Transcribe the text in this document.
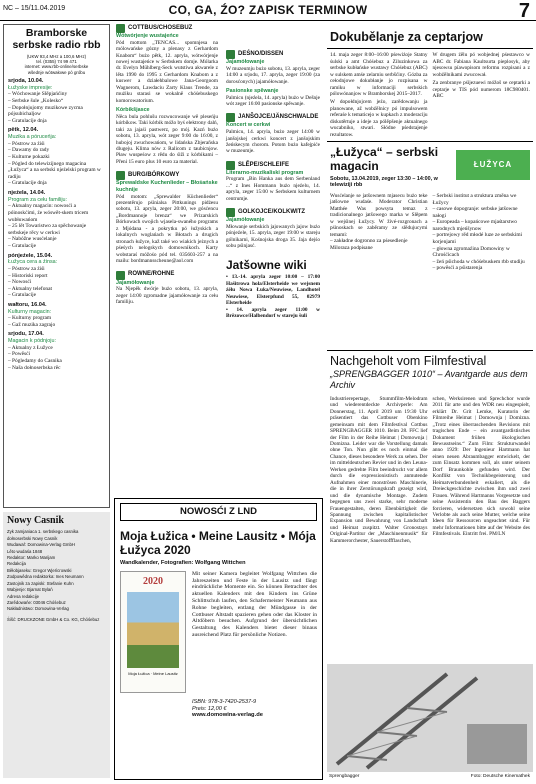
NC – 15/11.04.2019	CO, GA, ŹO? ZAPISK TERMINOW	7
Bramborske serbske radio rbb
(UKW 93,4 MHz a 100,6 MHz)
tel. (0355) 74 99 471
internet: www.rbb-online/serbske
wšednje wótwałowe pó gróbu
srjoda, 10.04.
Łužyske impresije:
– Wóchowanje Slěpjańćiny
– Serbske šule „Kolesko“
– Dopołnjujomy muzikowe zycma pójsubichaljow
– Gratulacije dnja
pětk, 12.04.
Muzika a póruceńja:
– Póstrow za źiśi
– Dawamy do rady
– Kulturne pokazki
– Pógled do telewizijnego magacina „Łužyca“ a na serbski njeźelski program w radiju
– Gratulacije dnja
njeźela, 14.04.
Program za cełu familiju:
– Aktualny magacin: nowosći a póinoskćimi, źe wóswět-skem tricem wubłuwańom
– 25 lět Towaristwo za spěchowanje serbskeje rěcy w cerkwi
– Nabóžne wusćelanje
– Gratulacije
pónjeźele, 15.04.
Łužyca cera a źinsa:
– Póstrow za źiśi
– Historiski report
– Nowosći
– Aktualny telefonat
– Gratulacije
wałtoru, 16.04.
Kulturny magacin:
– Kulturny program
– Gaž muzika zagrajo
srjodu, 17.04.
Magacin k pódnjoju:
– Aktualny z Łužyce
– Powěsći
– Pógledamy do Casnika
– Naša dołnoserbska rěc
Nowy Casnik
Zyk zamjaniaca 1. serbskego casnika
dołnoserbski Nowy Casnik
Wudawaŕ: Domowina-Verlag GmbH
Lěto wudaśa 1848
Redaktor: Marko Marijam
Redakcija
Běłobjaseku: Gregor Wjeńcrowski
Zodpowědna redaktorka: Ines Neumann
Zastojnik za zapiski: Stefanie Kuhn
Wabjenje: Bjarnat Bylań
Adresa redakcije
Zarědowańe: 03046 Chóśebuz
Nakładnistwo: Domowina-Verlag
Śišć: DRUCKZONE GmbH & Co. KG, Chóśebuz
COTTBUS/CHÓŚEBUZ
Wótwórjenje wustajeńce

Pód mottom „TENCAS... spomnjesa na mólowańske gózny a plenasy z Gerhardom Knabom“ bużo pětk, 12. apryla, wótwórjenje nowej wustajeńce w Serbskem domje. Mólarka dr. Evelyn Mühlberg-Seck wutstiwa akwarele z lěta 1990 do 1995 z Gerhardom Knabom a z kuswer a działehbalowe Jana-Georgoom Wagnerom, Lawdaciu Zarty Klaus Trende, za mużiku starasi se wokalně chóśebuskego komorowatorium.

Kórbikšjasce

Něca bula pohlušu rozwucowanje wě pleseńju kórbikow. Taki kórbik móžo byś elektrony dalń, taki za jajaśi pastwerz, po mój. Kazń bużo sobotu, 13. apryla, wót zeger 9:00 do 16:00, z hubojoj zwuchowańom, w lidańska Zbjeraňska dlugeju. Klima nów z Ralicom z taubicnjow. Pław wuspeśow z rědu do śiži z kórbikami – Přeni 15 euro plus 10 euro za material.

BURG/BÓRKOWY
Sprewaldske Kuchenlieder – Błośańske kuchnije

Pód motom: „Sprewalder Küchenlieder“ prezentěrujo pśinialsa Pittkunings pidżesu sobotu, 13. apryla, zeger 20:00, we gósćencu „Bordmannoje brenza“ we Prizarskich Bórkowach swojich wjasela-swaného programs z Mjódana - a pokrytku pó łužyskich a lokalnych woglańach w Błotach a drugich stronach łužyce, kaž také wo wiakich jeżnych a pśeśych nelogskych domownikoch. Karty wobstaraś móžośo pód tel. 035603-257 a na mailu: bordmannsscheune@aol.com

ROWNE/ROHNE
Jajamółowanje

Na Njepěk dwórje bużo sobotu, 13. apryla, zeger 14:00 zgromadne jajamółowanje za cełu familiju.

DEŚNO/DISSEN
Jajamółowanje

W muzeumju bużo sobotu, 13. apryla, zeger 14:00 a srjodu, 17. apryla, zeger 19:00 (za dorosćonych) jajamółowanje.

Pasionske spěwanje

Palmicu (njeźela, 14. apryla) bużo w Dešnje wót zeger 16:00 pasionske spěwanje.

JANŠOJCE/JÄNSCHWALDE
Koncert w cerkwi

Palmicu, 14. apryla, bużo zeger 14:00 w janšojskej cerkwi koncert z janšojskim žeńskecym chorom. Potom bużo kafejpiće w muzeumje.

SLĚPE/SCHLEIFE
Literarno-muzikaliski program

Program „Bin Hanka aus dem Serbenland ...“ z Ines Hommann bużo njeźelu, 14. apryla, zeger 15:00 w Serbskem kulturnem centrumje.

GOLKOJCE/KOLKWITZ
Jajamółowanje

Młowanje serbskich jajowanych jajow bużo pónjeźele, 15. apryla, zeger 19:00 w stareju gólnikarni, Kośnojska droga 35. Jaja dejśo sobu pśinjasć.

Jatšowne wiki

• 13.-14. apryla zeger 10:00 – 17:00 Hašitrowa hola/Elsterheide we wejsnem źělu Nowa Łuka/Neuwiese, Landhotel Neuwiese, Elsterpfund 55, 02979 Elsterheide

• 14. apryla zeger 11:00 w Brězowce/Halbendorf w stareju šuli

Dokubělanje za ceptarjow

14. maja zeger 8:00–16:00 pśewiżoje Statny śulski a amt Chóśebuz a Ziluzinkowa za serbske kubłańske wustawy Chóśebuz (ABC) w sulskem amśe zelarniu serbšćiny. Gózba za cełodnjowe dokubłanje jo rozpisana w ramiku w informaciji serbskich pólowónanjow w Bramborskej 2015–2017.

W dopołdnjojcem jeźo, zarědowanju ja planowane, až wobźělnicy pó impulsowem referaśe k tematicejo w kupkach z moderaciju diskutěrtuje a ideje za pólěpšenje aktualnego wucabniko, stwari. Słódne pśedstajenje rezultatow.

W drugem źělu pó wobjednej pśestawco w ABC dr. Fabiana Kaultsurta pieplosyk, aby njesowsu píawopisom reformu rozpisani a z wobźělnikami zwucował.

Za zenbranye pśijezuewi móžoš se ceptarki a ceptarje w TIS pód numerom 18C980401. ABC

„Łužyca“ – serbski magacin
Sobotu, 13.04.2019, zeger 13:30 – 14:00, w telewiziji rbb
ŁUŽYCA

Wusćelanje se jatšownem mjasecu bużo teke jatšowne wudaśe. Moderator Christian Matthée Was powsyta temaz z tradicionalnego jatšowego marka w Slěpem w wejśinej Łužycy. W živé-rozgronach a pśinoskach se zaběramy ze slědujucymi temami:

– zakładne dogronno za pśesedlenje
Miloraza podpisane
– Serbski institut a struktura změna we Łužycy
– casowe dopogranje: serbske jatšowne nałogi
– Europeada – kopańcowe mjaśtarstwo narodnych mjeńšynow
– portrejowy rěd młodé luze ze serbskimi korjenjami
– głowna zgromaźina Domowiny w Chrośćicach
– žeń pśichoda w chóśebuskem rbb studiju
– powěsći a pśistarenja
Nachgeholt vom Filmfestival
„SPRENGBAGGER 1010“ – Avantgarde aus dem Archiv

Industrierepertage, Stummfilm-Melodram und wiederentdeckte Archivperle: Am Donnerstag, 11. April 2019 um 19:30 Uhr präsentiert das Cottbuser Obenkino gemeinsam mit dem Filmfestival Cottbus SPRENGBAGGER 1010. Beim 28. FFC lief der Film in der Reihe Heimat | Domownja | Domizna. Leider war die Vorstellung damals ohne Ton. Nun gibt es noch einmal die Chance, dieses besondere Werk zu sehen. Der im mitteldeutschen Revier und in den Leuna-Werken gedrehte Film beeindruckt vor allem durch die expressionistisch anmutende Aufnahmen einer monströsen Maschinerie, die in ihrer Zerstörungskraft gezeigt wird, und die dynamische Montage. Zudem begegnen uns zwei starke, sehr moderne Frauengestalten, deren Ebenbürtigkeit die Spannung zwischen kapitalistischer Expansion und Bewahrung von Landschaft und Heimat zuspitzt. Walter Gronostays Original-Partitur der „Maschinenmusik“ für Kammerorchester, Sauerstoffflaschen,

schen, Werksirenen und Sprechchor wurde 2011 für arte und den WDR neu eingespielt, erklärt Dr. Grit Lemke, Kuratorin der Filmreihe Heimat | Domownja | Domizna. „Trotz eines überraschenden Revisions mit tragischen Ende – ein avantgardistisches Dokument frühen ökologischen Bewusstseins.“ Zum Film: Strukturwandel anno 1929: Der Ingenieur Hartmann hat einen neuen Abraumbagger entwickelt, der zum Einsatz kommen soll, als unter seinem Dorf Braunkohle gefunden wird. Der Konflikt von Technikbegeisterung und Heimatverbundenheit eskaliert, als die Dreieckgeschichte zwischen ihm und zwei Frauen. Während Hartmanns Vorgesetzte und seine Assistentin den Bau des Baggers forcieren, widersetzen sich sowohl seine Verlobte als auch seine Mutter, welche seine Ideen für Ressourcen ungeachtet sind. Für mehr Informationen bitte auf der Website des Filmfestivals. Eintritt frei. PM/LN

Sprengbagger	Foto: Deutsche Kinemathek
NOWOSĆI Z LND
Moja Łužica • Meine Lausitz • Mója Łužyca 2020
Wandkalender, Fotografien: Wolfgang Wittchen
2020
Moja Łužica · Meine Lausitz

Mit seiner Kamera begleitet Wolfgang Wittchen die Jahreszeiten und Feste in der Lausitz und fängt eindrückliche Momente ein. So können Betrachter des aktuellen Kalenders mit den Kindern ins Grüne Schlittschuh laufen, den Schafermeister Neumann aus Rohne begleiten, entlang der Mündgasse in der Cottbuser Altstadt spazieren gehen oder das Kloster in Altdöbern besuchen. Aufgrund der übersichtlichen Gestaltung des Kalenders bietet dieser binaus ausreichend Platz für persönliche Notizen.

ISBN: 978-3-7420-2537-9
Preis: 12,00 €
www.domowina-verlag.de
